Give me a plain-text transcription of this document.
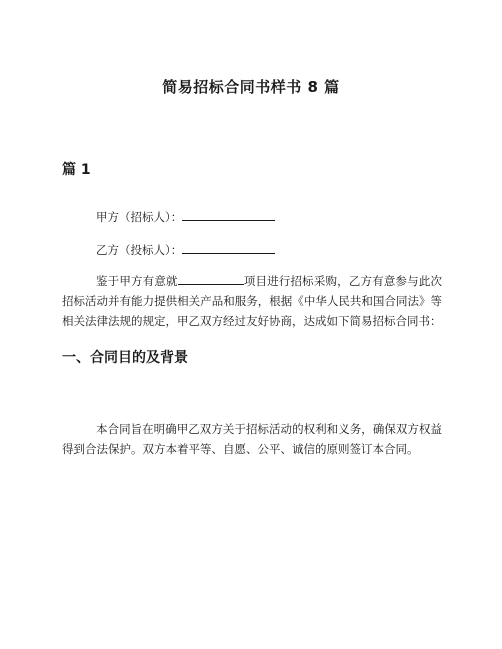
简易招标合同书样书 8 篇
篇 1

甲方（招标人）：

乙方（投标人）：

鉴于甲方有意就	项目进行招标采购，乙方有意参与此次招标活动并有能力提供相关产品和服务，根据《中华人民共和国合同法》等相关法律法规的规定，甲乙双方经过友好协商，达成如下简易招标合同书：

一、合同目的及背景

本合同旨在明确甲乙双方关于招标活动的权利和义务，确保双方权益得到合法保护。双方本着平等、自愿、公平、诚信的原则签订本合同。
